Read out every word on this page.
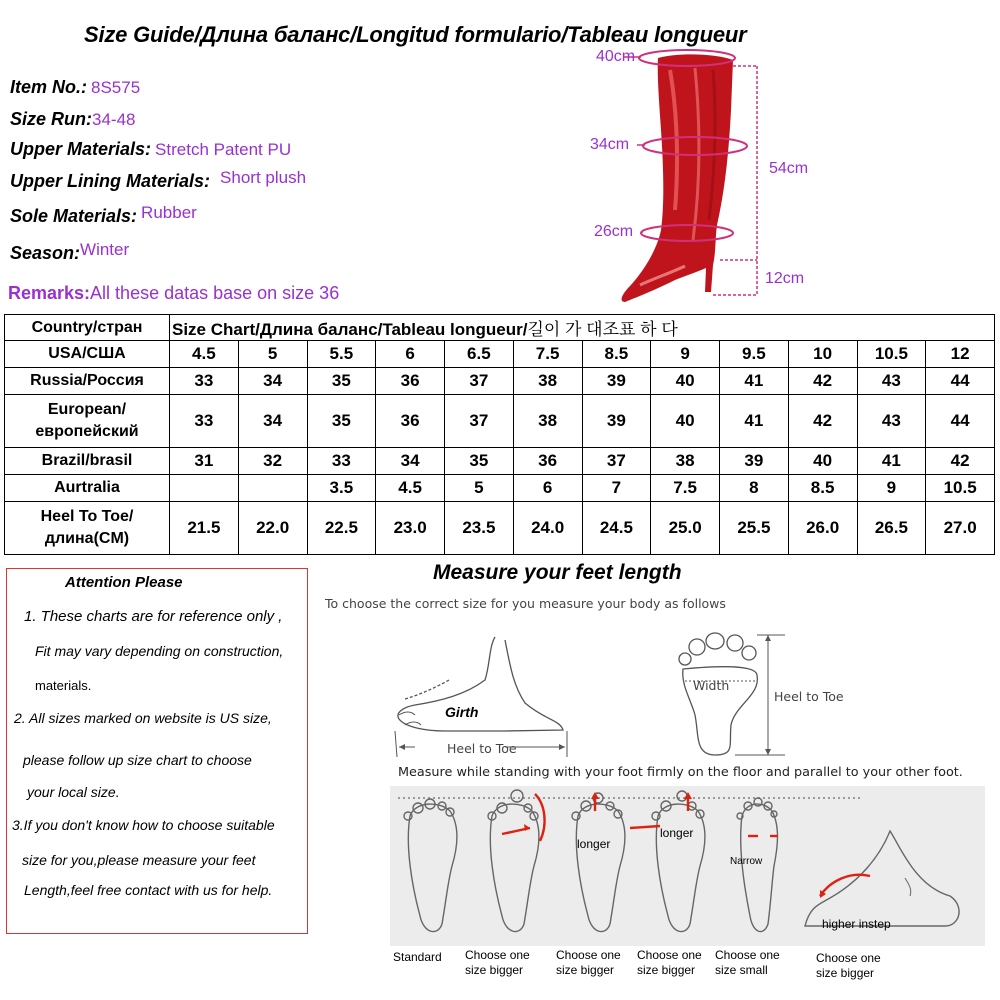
Size Guide/Длина баланс/Longitud formulario/Tableau longueur
Item No.: 8S575
Size Run:34-48
Upper Materials: Stretch Patent PU
Upper Lining Materials: Short plush
Sole Materials: Rubber
Season:Winter
Remarks:All these datas base on size 36
40cm
34cm
26cm
54cm
12cm
Country/стран	Size Chart/Длина баланс/Tableau longueur/길이 가 대조표 하 다											
USA/США	4.5	5	5.5	6	6.5	7.5	8.5	9	9.5	10	10.5	12
Russia/Россия	33	34	35	36	37	38	39	40	41	42	43	44
European/европейский	33	34	35	36	37	38	39	40	41	42	43	44
Brazil/brasil	31	32	33	34	35	36	37	38	39	40	41	42
Aurtralia			3.5	4.5	5	6	7	7.5	8	8.5	9	10.5
Heel To Toe/длина(CM)	21.5	22.0	22.5	23.0	23.5	24.0	24.5	25.0	25.5	26.0	26.5	27.0
Attention Please
1. These charts are for reference only ,
Fit may vary depending on construction,
materials.
2. All sizes marked on website is US size,
please follow up size chart to choose
your local size.
3.If you don't know how to choose suitable
size for you,please measure your feet
Length,feel free contact with us for help.
Measure your feet length
To choose the correct size for you measure your body as follows
Girth
Heel to Toe
Width
Heel to Toe
Measure while standing with your foot firmly on the floor and parallel to your other foot.
longer
longer
Narrow
higher instep
Standard Choose one size bigger
Choose one size bigger
Choose one size bigger
Choose one size small
Choose one size bigger
